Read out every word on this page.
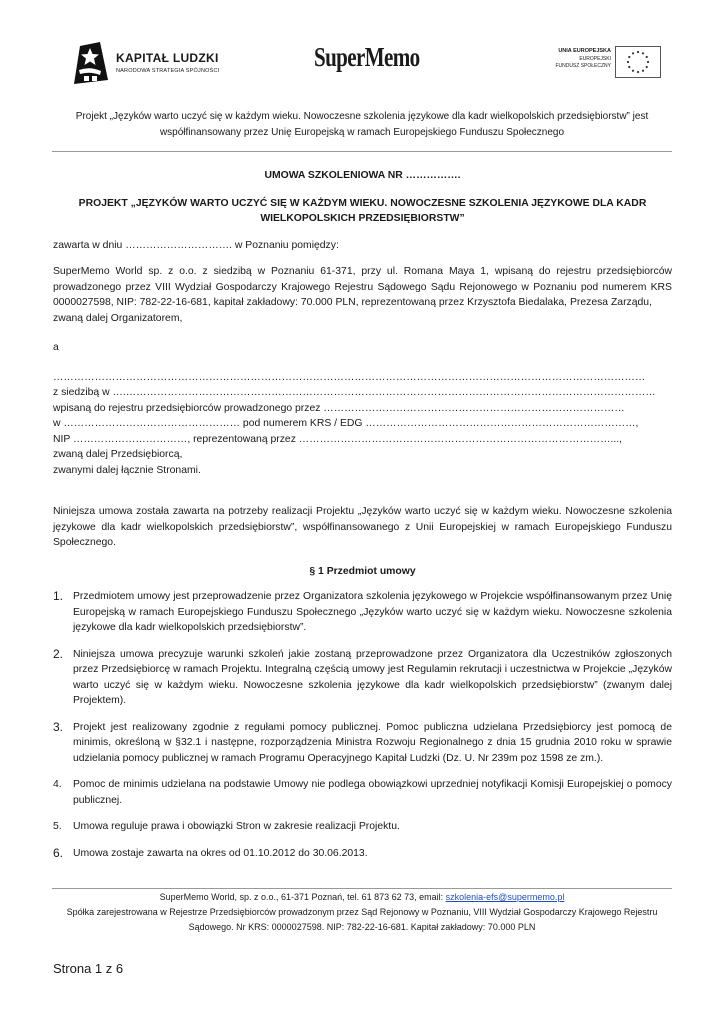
KAPITAŁ LUDZKI
NARODOWA STRATEGIA SPÓJNOŚCI	SuperMemo	UNIA EUROPEJSKA
EUROPEJSKI
FUNDUSZ SPOŁECZNY
Projekt „Języków warto uczyć się w każdym wieku. Nowoczesne szkolenia językowe dla kadr wielkopolskich przedsiębiorstw” jest współfinansowany przez Unię Europejską w ramach Europejskiego Funduszu Społecznego

UMOWA SZKOLENIOWA NR …………….

PROJEKT „JĘZYKÓW WARTO UCZYĆ SIĘ W KAŻDYM WIEKU. NOWOCZESNE SZKOLENIA JĘZYKOWE DLA KADR WIELKOPOLSKICH PRZEDSIĘBIORSTW”

zawarta w dniu …………………………. w Poznaniu pomiędzy:

SuperMemo World sp. z o.o. z siedzibą w Poznaniu 61-371, przy ul. Romana Maya 1, wpisaną do rejestru przedsiębiorców prowadzonego przez VIII Wydział Gospodarczy Krajowego Rejestru Sądowego Sądu Rejonowego w Poznaniu pod numerem KRS 0000027598, NIP: 782-22-16-681, kapitał zakładowy: 70.000 PLN, reprezentowaną przez Krzysztofa Biedalaka, Prezesa Zarządu,

zwaną dalej Organizatorem,

a

………………………………………………………………………………………………………………………………………………………

z siedzibą w ….………………………………………………………………………………………………………………………………………

wpisaną do rejestru przedsiębiorców prowadzonego przez ……………………………………………………………………………

w …………………………………………… pod numerem KRS / EDG ……………………………………………………………………,

NIP ……………………………, reprezentowaną przez ………………………………………………………………………………...,

zwaną dalej Przedsiębiorcą,

zwanymi dalej łącznie Stronami.

Niniejsza umowa została zawarta na potrzeby realizacji Projektu „Języków warto uczyć się w każdym wieku. Nowoczesne szkolenia językowe dla kadr wielkopolskich przedsiębiorstw”, współfinansowanego z Unii Europejskiej w ramach Europejskiego Funduszu Społecznego.

§ 1 Przedmiot umowy

1. Przedmiotem umowy jest przeprowadzenie przez Organizatora szkolenia językowego w Projekcie współfinansowanym przez Unię Europejską w ramach Europejskiego Funduszu Społecznego „Języków warto uczyć się w każdym wieku. Nowoczesne szkolenia językowe dla kadr wielkopolskich przedsiębiorstw”.
2. Niniejsza umowa precyzuje warunki szkoleń jakie zostaną przeprowadzone przez Organizatora dla Uczestników zgłoszonych przez Przedsiębiorcę w ramach Projektu. Integralną częścią umowy jest Regulamin rekrutacji i uczestnictwa w Projekcie „Języków warto uczyć się w każdym wieku. Nowoczesne szkolenia językowe dla kadr wielkopolskich przedsiębiorstw” (zwanym dalej Projektem).
3. Projekt jest realizowany zgodnie z regułami pomocy publicznej. Pomoc publiczna udzielana Przedsiębiorcy jest pomocą de minimis, określoną w §32.1 i następne, rozporządzenia Ministra Rozwoju Regionalnego z dnia 15 grudnia 2010 roku w sprawie udzielania pomocy publicznej w ramach Programu Operacyjnego Kapitał Ludzki (Dz. U. Nr 239m poz 1598 ze zm.).
4. Pomoc de minimis udzielana na podstawie Umowy nie podlega obowiązkowi uprzedniej notyfikacji Komisji Europejskiej o pomocy publicznej.
5. Umowa reguluje prawa i obowiązki Stron w zakresie realizacji Projektu.
6. Umowa zostaje zawarta na okres od 01.10.2012 do 30.06.2013.
SuperMemo World, sp. z o.o., 61-371 Poznań, tel. 61 873 62 73, email: szkolenia-efs@supermemo.pl
Spółka zarejestrowana w Rejestrze Przedsiębiorców prowadzonym przez Sąd Rejonowy w Poznaniu, VIII Wydział Gospodarczy Krajowego Rejestru Sądowego. Nr KRS: 0000027598. NIP: 782-22-16-681. Kapitał zakładowy: 70.000 PLN
Strona 1 z 6
